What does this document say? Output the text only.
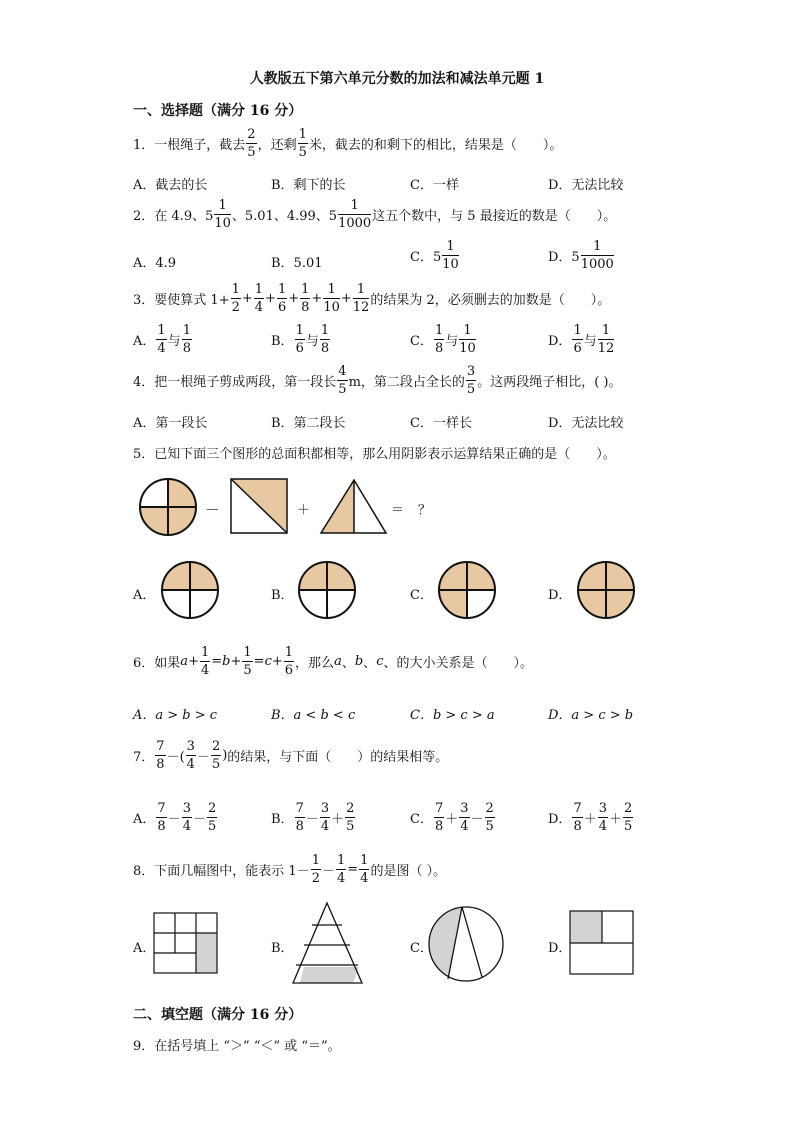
人教版五下第六单元分数的加法和减法单元题 1
一、选择题（满分 16 分）
1． 一根绳子，截去 $\frac{2}{5}$ ，还剩 $\frac{1}{5}$ 米，截去的和剩下的相比，结果是（　　）。
A．截去的长	B．剩下的长	C．一样	D．无法比较
2． 在 4.9、$5 \frac{1}{10}$ 、5.01、4.99、$5 \frac{1}{1000}$ 这五个数中，与 5 最接近的数是（　　）。
A．4.9	B．5.01	C．$5 \frac{1}{10}$	D．$5 \frac{1}{1000}$
3． 要使算式 $1+ \frac{1}{2} + \frac{1}{4} + \frac{1}{6} + \frac{1}{8} + \frac{1}{10} + \frac{1}{12}$ 的结果为 2，必须删去的加数是（　　）。
A． $\frac{1}{4}$ 与 $\frac{1}{8}$	B． $\frac{1}{6}$ 与 $\frac{1}{8}$	C． $\frac{1}{8}$ 与 $\frac{1}{10}$	D． $\frac{1}{6}$ 与 $\frac{1}{12}$
4． 把一根绳子剪成两段，第一段长 $\frac{4}{5}$ m，第二段占全长的 $\frac{3}{5}$ 。这两段绳子相比，( )。
A．第一段长	B．第二段长	C．一样长	D．无法比较
5．已知下面三个图形的总面积都相等，那么用阴影表示运算结果正确的是（　　）。
－	＋	＝ ？
A．	B．	C．	D．
6． 如果 $a + \frac{1}{4} = b + \frac{1}{5} = c + \frac{1}{6}$ ，那么 a 、 b 、 c 、的大小关系是（　　）。
A．a > b > c	B．a < b < c	C．b > c > a	D．a > c > b
7． $\frac{7}{8}$ －( $\frac{3}{4} - \frac{2}{5}$ ) 的结果，与下面（　　）的结果相等。
A． $\frac{7}{8} - \frac{3}{4} - \frac{2}{5}$	B． $\frac{7}{8} - \frac{3}{4} + \frac{2}{5}$	C． $\frac{7}{8} + \frac{3}{4} - \frac{2}{5}$	D． $\frac{7}{8} + \frac{3}{4} + \frac{2}{5}$
8． 下面几幅图中，能表示 $1- \frac{1}{2} - \frac{1}{4} = \frac{1}{4}$ 的是图（ ）。
A．	B．	C．	D．
二、填空题（满分 16 分）
9．在括号填上 “＞” “＜” 或 “＝”。
